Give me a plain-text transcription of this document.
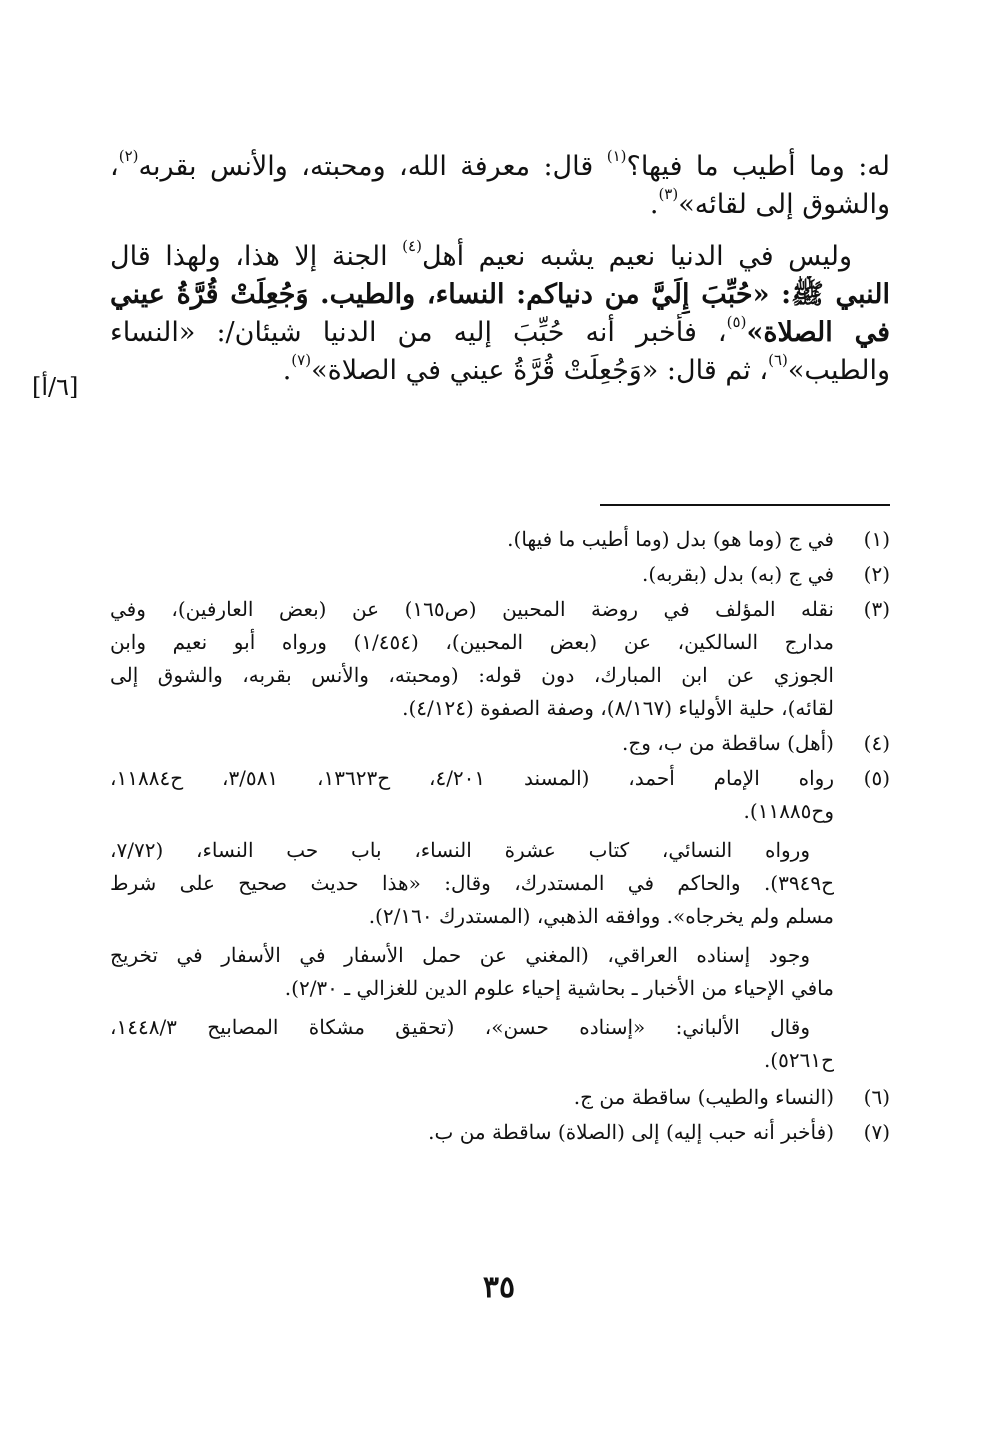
له: وما أطيب ما فيها؟$^{(١)}$ قال: معرفة الله، ومحبته، والأنس بقربه$^{(٢)}$،
والشوق إلى لقائه»$^{(٣)}$.
وليس في الدنيا نعيم يشبه نعيم أهل$^{(٤)}$ الجنة إلا هذا، ولهذا قال
النبي ﷺ: «حُبِّبَ إِلَيَّ من دنياكم: النساء، والطيب. وَجُعِلَتْ قُرَّةُ عيني
في الصلاة»$^{(٥)}$، فأخبر أنه حُبِّبَ إليه من الدنيا شيئان/: «النساء
والطيب»$^{(٦)}$، ثم قال: «وَجُعِلَتْ قُرَّةُ عيني في الصلاة»$^{(٧)}$.
[٦/أ]
(١)
في ج (وما هو) بدل (وما أطيب ما فيها).
(٢)
في ج (به) بدل (بقربه).
(٣)
نقله المؤلف في روضة المحبين (ص١٦٥) عن (بعض العارفين)، وفي
مدارج السالكين، عن (بعض المحبين)، (١/٤٥٤) ورواه أبو نعيم وابن
الجوزي عن ابن المبارك، دون قوله: (ومحبته، والأنس بقربه، والشوق إلى
لقائه)، حلية الأولياء (٨/١٦٧)، وصفة الصفوة (٤/١٢٤).
(٤)
(أهل) ساقطة من ب، وج.
(٥)
رواه الإمام أحمد، (المسند ٤/٢٠١، ح١٣٦٢٣، ٣/٥٨١، ح١١٨٨٤،
وح١١٨٨٥).
ورواه النسائي، كتاب عشرة النساء، باب حب النساء، (٧/٧٢،
ح٣٩٤٩). والحاكم في المستدرك، وقال: «هذا حديث صحيح على شرط
مسلم ولم يخرجاه». ووافقه الذهبي، (المستدرك ٢/١٦٠).
وجود إسناده العراقي، (المغني عن حمل الأسفار في الأسفار في تخريج
مافي الإحياء من الأخبار ـ بحاشية إحياء علوم الدين للغزالي ـ ٢/٣٠).
وقال الألباني: «إسناده حسن»، (تحقيق مشكاة المصابيح ١٤٤٨/٣،
ح٥٢٦١).
(٦)
(النساء والطيب) ساقطة من ج.
(٧)
(فأخبر أنه حبب إليه) إلى (الصلاة) ساقطة من ب.
٣٥
